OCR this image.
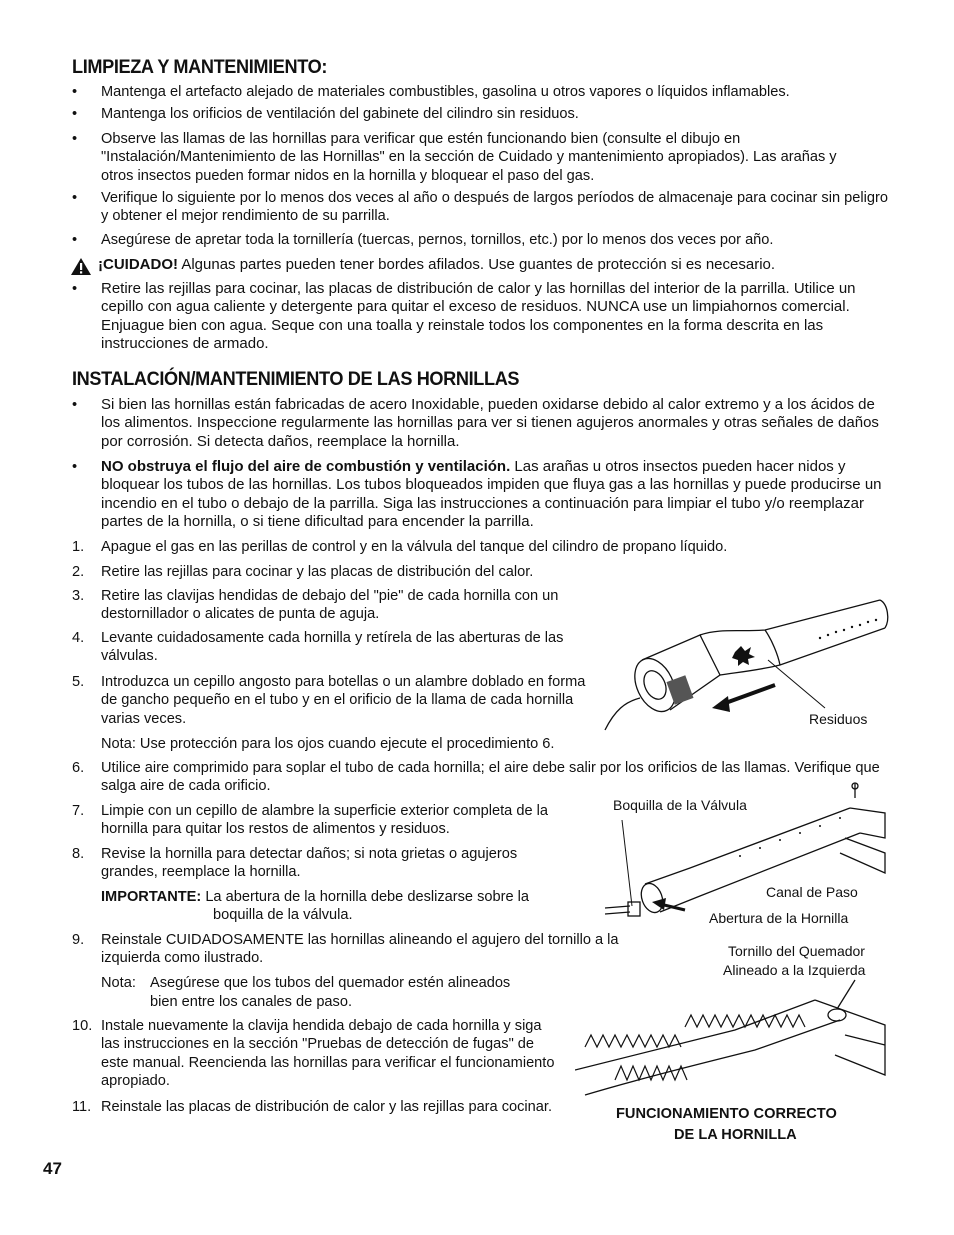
LIMPIEZA Y MANTENIMIENTO:
•	Mantenga el artefacto alejado de materiales combustibles, gasolina u otros vapores o líquidos inflamables.
•	Mantenga los orificios de ventilación del gabinete del cilindro sin residuos.
•	Observe las llamas de las hornillas para verificar que estén funcionando bien (consulte el dibujo en "Instalación/Mantenimiento de las Hornillas" en la sección de Cuidado y mantenimiento apropiados). Las arañas y otros insectos pueden formar nidos en la hornilla y bloquear el paso del gas.
•	Verifique lo siguiente por lo menos dos veces al año o después de largos períodos de almacenaje para cocinar sin peligro y obtener el mejor rendimiento de su parrilla.
•	Asegúrese de apretar toda la tornillería (tuercas, pernos, tornillos, etc.) por lo menos dos veces por año.
¡CUIDADO! Algunas partes pueden tener bordes afilados. Use guantes de protección si es necesario.
•	Retire las rejillas para cocinar, las placas de distribución de calor y las hornillas del interior de la parrilla. Utilice un cepillo con agua caliente y detergente para quitar el exceso de residuos. NUNCA use un limpiahornos comercial. Enjuague bien con agua. Seque con una toalla y reinstale todos los componentes en la forma descrita en las instrucciones de armado.
INSTALACIÓN/MANTENIMIENTO DE LAS HORNILLAS
•	Si bien las hornillas están fabricadas de acero Inoxidable, pueden oxidarse debido al calor extremo y a los ácidos de los alimentos. Inspeccione regularmente las hornillas para ver si tienen agujeros anormales y otras señales de daños por corrosión. Si detecta daños, reemplace la hornilla.
•	NO obstruya el flujo del aire de combustión y ventilación. Las arañas u otros insectos pueden hacer nidos y bloquear los tubos de las hornillas. Los tubos bloqueados impiden que fluya gas a las hornillas y puede producirse un incendio en el tubo o debajo de la parrilla. Siga las instrucciones a continuación para limpiar el tubo y/o reemplazar partes de la hornilla, o si tiene dificultad para encender la parrilla.
1.	Apague el gas en las perillas de control y en la válvula del tanque del cilindro de propano líquido.
2.	Retire las rejillas para cocinar y las placas de distribución del calor.
3.	Retire las clavijas hendidas de debajo del "pie" de cada hornilla con un destornillador o alicates de punta de aguja.
4.	Levante cuidadosamente cada hornilla y retírela de las aberturas de las válvulas.
5.	Introduzca un cepillo angosto para botellas o un alambre doblado en forma de gancho pequeño en el tubo y en el orificio de la llama de cada hornilla varias veces.
Nota: Use protección para los ojos cuando ejecute el procedimiento 6.
6.	Utilice aire comprimido para soplar el tubo de cada hornilla; el aire debe salir por los orificios de las llamas. Verifique que salga aire de cada orificio.
7.	Limpie con un cepillo de alambre la superficie exterior completa de la hornilla para quitar los restos de alimentos y residuos.
8.	Revise la hornilla para detectar daños; si nota grietas o agujeros grandes, reemplace la hornilla.
IMPORTANTE: La abertura de la hornilla debe deslizarse sobre la
boquilla de la válvula.
9.	Reinstale CUIDADOSAMENTE las hornillas alineando el agujero del tornillo a la izquierda como ilustrado.
Nota: Asegúrese que los tubos del quemador estén alineados
bien entre los canales de paso.
10. Instale nuevamente la clavija hendida debajo de cada hornilla y siga las instrucciones en la sección "Pruebas de detección de fugas" de este manual. Reencienda las hornillas para verificar el funcionamiento apropiado.
11. Reinstale las placas de distribución de calor y las rejillas para cocinar.
Residuos
Boquilla de la Válvula
Canal de Paso
Abertura de la Hornilla
Tornillo del Quemador
Alineado a la Izquierda
FUNCIONAMIENTO CORRECTO
DE LA HORNILLA
47
